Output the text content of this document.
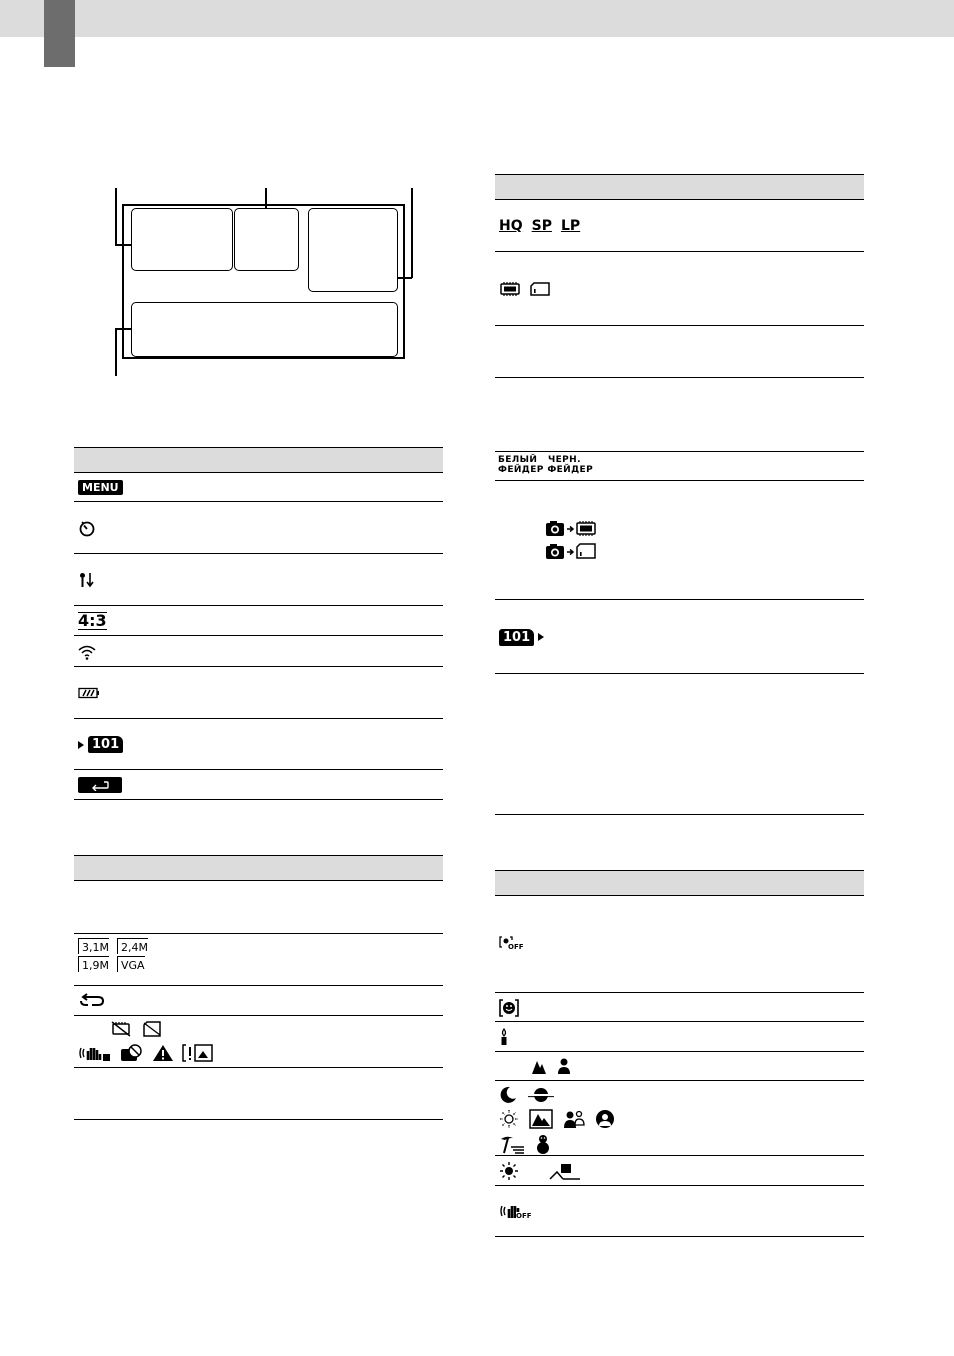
MENU
4:3
101
3,1M	2,4M
1,9M	VGA
HQ SP LP
БЕЛЫЙ ЧЕРН.
ФЕЙДЕР ФЕЙДЕР
101
OFF
OFF
